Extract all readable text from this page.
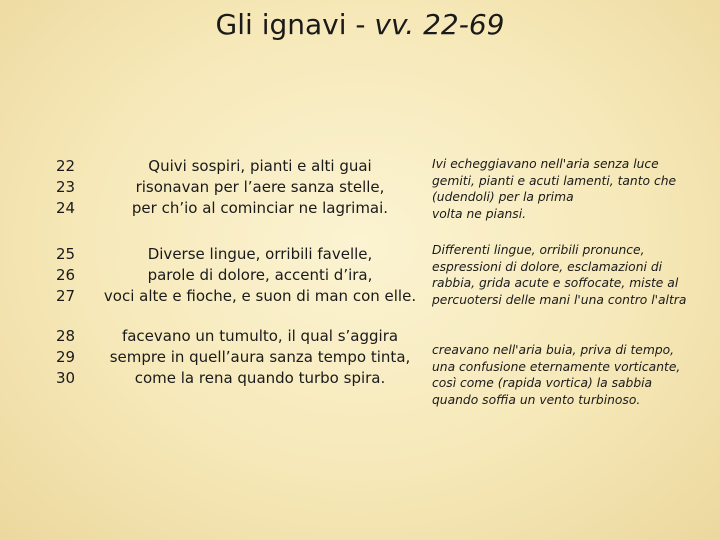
Gli ignavi - vv. 22-69
22
23
24
Quivi sospiri, pianti e alti guai
risonavan per l’aere sanza stelle,
per ch’io al cominciar ne lagrimai.
Ivi echeggiavano nell'aria senza luce
gemiti, pianti e acuti lamenti, tanto che
(udendoli) per la prima
volta ne piansi.
25
26
27
Diverse lingue, orribili favelle,
parole di dolore, accenti d’ira,
voci alte e fioche, e suon di man con elle.
Differenti lingue, orribili pronunce,
espressioni di dolore, esclamazioni di
rabbia, grida acute e soffocate, miste al
percuotersi delle mani l'una contro l'altra
28
29
30
facevano un tumulto, il qual s’aggira
sempre in quell’aura sanza tempo tinta,
come la rena quando turbo spira.
creavano nell'aria buia, priva di tempo,
una confusione eternamente vorticante,
così come (rapida vortica) la sabbia
quando soffia un vento turbinoso.
